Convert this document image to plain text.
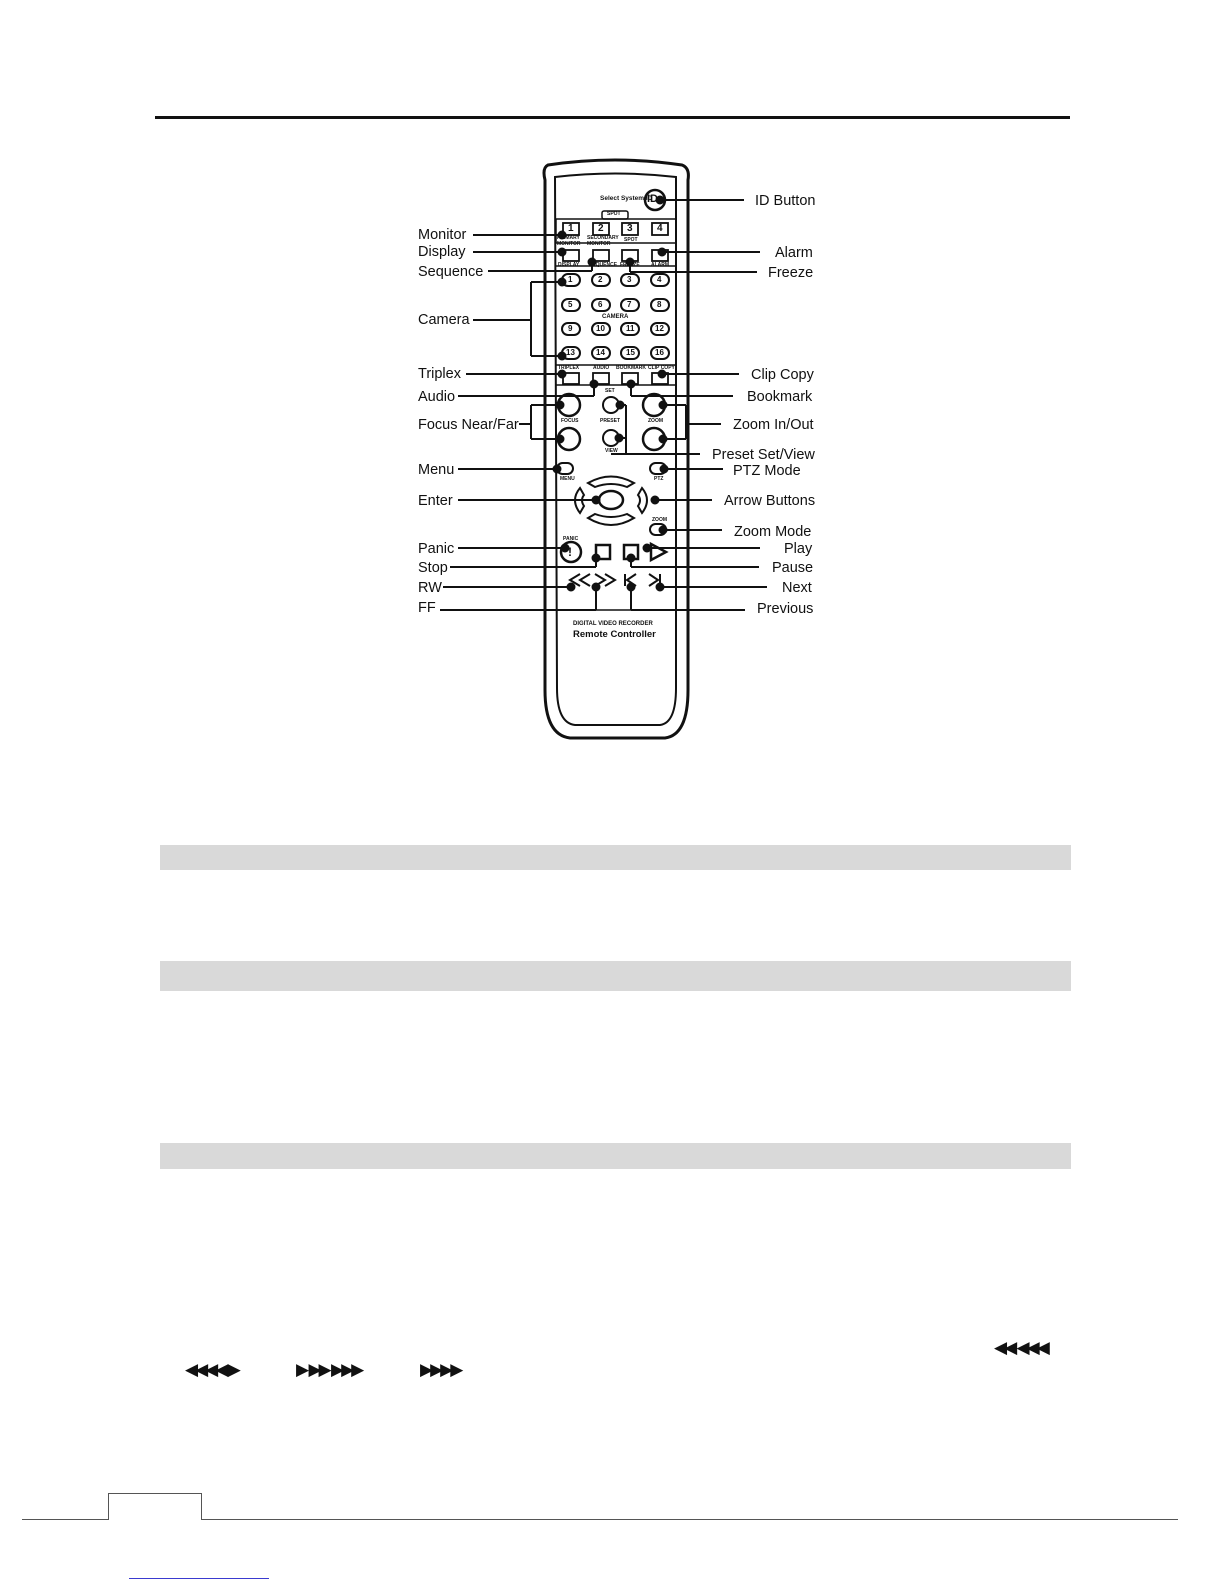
Select System ID
ID
SPOT
1 2 3 4
PRIMARY
MONITOR
SECONDARY
MONITOR
SPOT
DISPLAY SEQUENCE FREEZE ALARM
1	2	3	4
5	6	7	8
CAMERA
9	10	11	12
13	14	15	16
TRIPLEX	AUDIO BOOKMARK CLIP COPY
SET
FOCUS	PRESET	ZOOM
VIEW
MENU	PTZ
ZOOM
PANIC
!
DIGITAL VIDEO RECORDER
Remote Controller
Monitor
Display
Sequence
Camera
Triplex
Audio
Focus Near/Far
Menu
Enter
Panic
Stop
RW
FF
ID Button
Alarm
Freeze
Clip Copy
Bookmark
Zoom In/Out
Preset Set/View
PTZ Mode
Arrow Buttons
Zoom Mode
Play
Pause
Next
Previous
◀◀ ◀◀◀
◀◀◀◀ ▶	▶ ▶▶ ▶▶▶	▶▶▶▶
